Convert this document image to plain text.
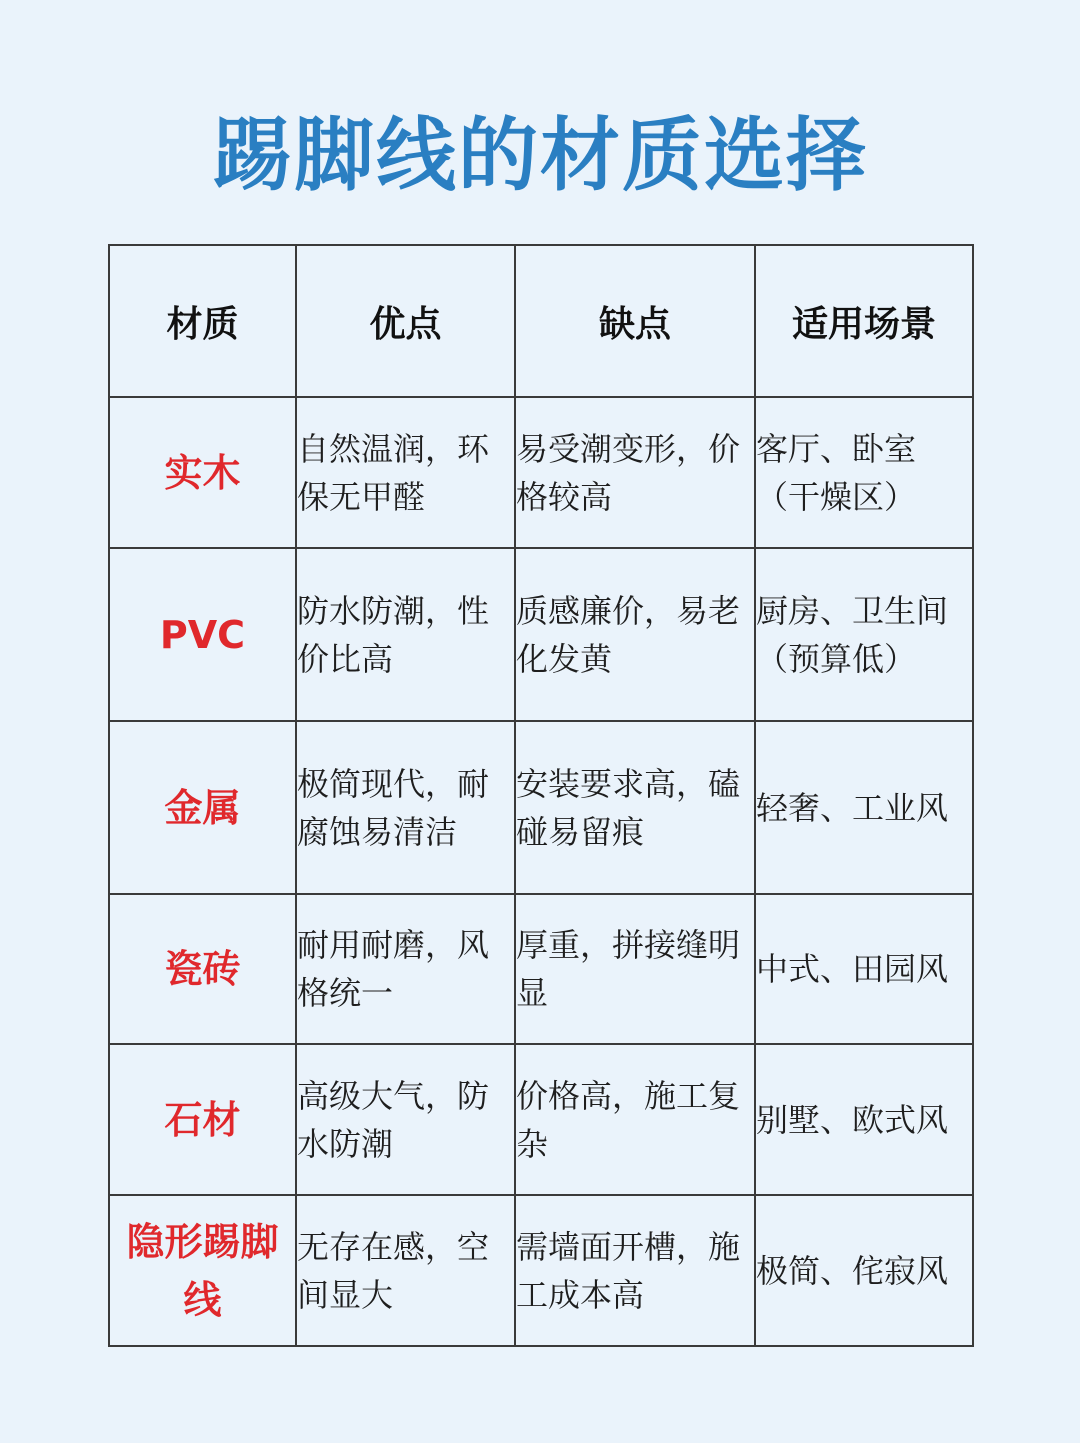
踢脚线的材质选择
材质	优点	缺点	适用场景
实木	自然温润，环保无甲醛	易受潮变形，价格较高	客厅、卧室（干燥区）
PVC	防水防潮，性价比高	质感廉价，易老化发黄	厨房、卫生间（预算低）
金属	极简现代，耐腐蚀易清洁	安装要求高，磕碰易留痕	轻奢、工业风
瓷砖	耐用耐磨，风格统一	厚重，拼接缝明显	中式、田园风
石材	高级大气，防水防潮	价格高，施工复杂	别墅、欧式风
隐形踢脚线	无存在感，空间显大	需墙面开槽，施工成本高	极简、侘寂风
